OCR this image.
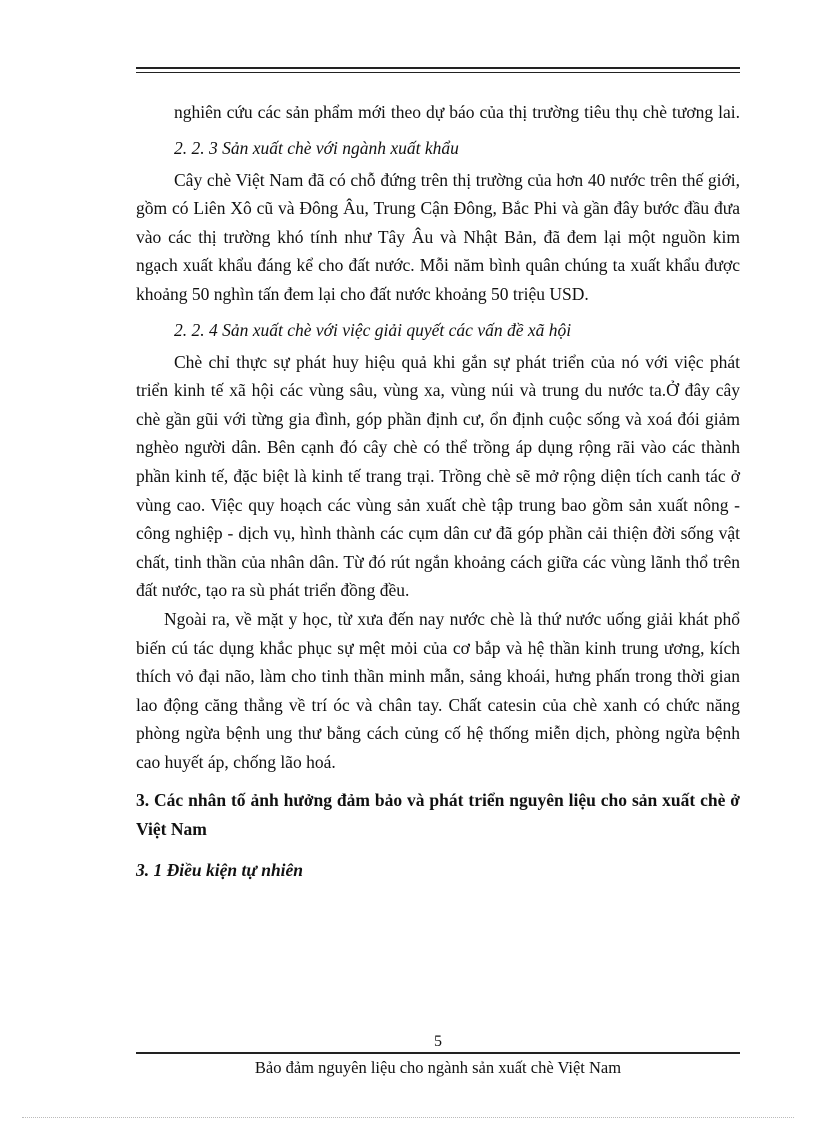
nghiên cứu các sản phẩm mới theo dự báo của thị trường tiêu thụ chè tương lai.

2. 2. 3 Sản xuất chè với ngành xuất khẩu

Cây chè Việt Nam đã có chỗ đứng trên thị trường của hơn 40 nước trên thế giới, gồm có Liên Xô cũ và Đông Âu, Trung Cận Đông, Bắc Phi và gần đây bước đầu đưa vào các thị trường khó tính như Tây Âu và Nhật Bản, đã đem lại một nguồn kim ngạch xuất khẩu đáng kể cho đất nước. Mỗi năm bình quân chúng ta xuất khẩu được khoảng 50 nghìn tấn đem lại cho đất nước khoảng 50 triệu USD.

2. 2. 4 Sản xuất chè với việc giải quyết các vấn đề xã hội

Chè chỉ thực sự phát huy hiệu quả khi gắn sự phát triển của nó với việc phát triển kinh tế xã hội các vùng sâu, vùng xa, vùng núi và trung du nước ta.Ở đây cây chè gần gũi với từng gia đình, góp phần định cư, ổn định cuộc sống và xoá đói giảm nghèo người dân. Bên cạnh đó cây chè có thể trồng áp dụng rộng rãi vào các thành phần kinh tế, đặc biệt là kinh tế trang trại. Trồng chè sẽ mở rộng diện tích canh tác ở vùng cao. Việc quy hoạch các vùng sản xuất chè tập trung bao gồm sản xuất nông - công nghiệp - dịch vụ, hình thành các cụm dân cư đã góp phần cải thiện đời sống vật chất, tinh thần của nhân dân. Từ đó rút ngắn khoảng cách giữa các vùng lãnh thổ trên đất nước, tạo ra sù phát triển đồng đều.

Ngoài ra, về mặt y học, từ xưa đến nay nước chè là thứ nước uống giải khát phổ biến cú tác dụng khắc phục sự mệt mỏi của cơ bắp và hệ thần kinh trung ương, kích thích vỏ đại não, làm cho tinh thần minh mẫn, sảng khoái, hưng phấn trong thời gian lao động căng thẳng về trí óc và chân tay. Chất catesin của chè xanh có chức năng phòng ngừa bệnh ung thư bằng cách củng cố hệ thống miễn dịch, phòng ngừa bệnh cao huyết áp, chống lão hoá.

3. Các nhân tố ảnh hưởng đảm bảo và phát triển nguyên liệu cho sản xuất chè ở Việt Nam
3. 1 Điều kiện tự nhiên
5
Bảo đảm nguyên liệu cho ngành sản xuất chè Việt Nam
